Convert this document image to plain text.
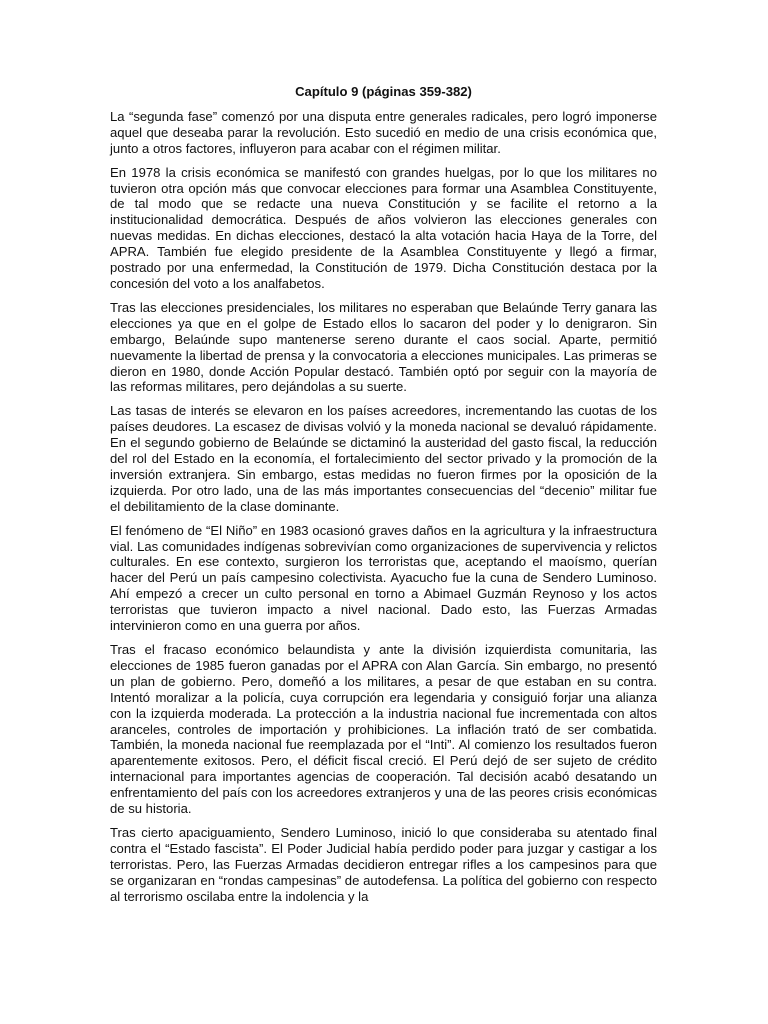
Capítulo 9 (páginas 359-382)

La “segunda fase” comenzó por una disputa entre generales radicales, pero logró imponerse aquel que deseaba parar la revolución. Esto sucedió en medio de una crisis económica que, junto a otros factores, influyeron para acabar con el régimen militar.

En 1978 la crisis económica se manifestó con grandes huelgas, por lo que los militares no tuvieron otra opción más que convocar elecciones para formar una Asamblea Constituyente, de tal modo que se redacte una nueva Constitución y se facilite el retorno a la institucionalidad democrática. Después de años volvieron las elecciones generales con nuevas medidas. En dichas elecciones, destacó la alta votación hacia Haya de la Torre, del APRA. También fue elegido presidente de la Asamblea Constituyente y llegó a firmar, postrado por una enfermedad, la Constitución de 1979. Dicha Constitución destaca por la concesión del voto a los analfabetos.

Tras las elecciones presidenciales, los militares no esperaban que Belaúnde Terry ganara las elecciones ya que en el golpe de Estado ellos lo sacaron del poder y lo denigraron. Sin embargo, Belaúnde supo mantenerse sereno durante el caos social. Aparte, permitió nuevamente la libertad de prensa y la convocatoria a elecciones municipales. Las primeras se dieron en 1980, donde Acción Popular destacó. También optó por seguir con la mayoría de las reformas militares, pero dejándolas a su suerte.

Las tasas de interés se elevaron en los países acreedores, incrementando las cuotas de los países deudores. La escasez de divisas volvió y la moneda nacional se devaluó rápidamente. En el segundo gobierno de Belaúnde se dictaminó la austeridad del gasto fiscal, la reducción del rol del Estado en la economía, el fortalecimiento del sector privado y la promoción de la inversión extranjera. Sin embargo, estas medidas no fueron firmes por la oposición de la izquierda. Por otro lado, una de las más importantes consecuencias del “decenio” militar fue el debilitamiento de la clase dominante.

El fenómeno de “El Niño” en 1983 ocasionó graves daños en la agricultura y la infraestructura vial. Las comunidades indígenas sobrevivían como organizaciones de supervivencia y relictos culturales. En ese contexto, surgieron los terroristas que, aceptando el maoísmo, querían hacer del Perú un país campesino colectivista. Ayacucho fue la cuna de Sendero Luminoso. Ahí empezó a crecer un culto personal en torno a Abimael Guzmán Reynoso y los actos terroristas que tuvieron impacto a nivel nacional. Dado esto, las Fuerzas Armadas intervinieron como en una guerra por años.

Tras el fracaso económico belaundista y ante la división izquierdista comunitaria, las elecciones de 1985 fueron ganadas por el APRA con Alan García. Sin embargo, no presentó un plan de gobierno. Pero, domeñó a los militares, a pesar de que estaban en su contra. Intentó moralizar a la policía, cuya corrupción era legendaria y consiguió forjar una alianza con la izquierda moderada. La protección a la industria nacional fue incrementada con altos aranceles, controles de importación y prohibiciones. La inflación trató de ser combatida. También, la moneda nacional fue reemplazada por el “Inti”. Al comienzo los resultados fueron aparentemente exitosos. Pero, el déficit fiscal creció. El Perú dejó de ser sujeto de crédito internacional para importantes agencias de cooperación. Tal decisión acabó desatando un enfrentamiento del país con los acreedores extranjeros y una de las peores crisis económicas de su historia.

Tras cierto apaciguamiento, Sendero Luminoso, inició lo que consideraba su atentado final contra el “Estado fascista”. El Poder Judicial había perdido poder para juzgar y castigar a los terroristas. Pero, las Fuerzas Armadas decidieron entregar rifles a los campesinos para que se organizaran en “rondas campesinas” de autodefensa. La política del gobierno con respecto al terrorismo oscilaba entre la indolencia y la
